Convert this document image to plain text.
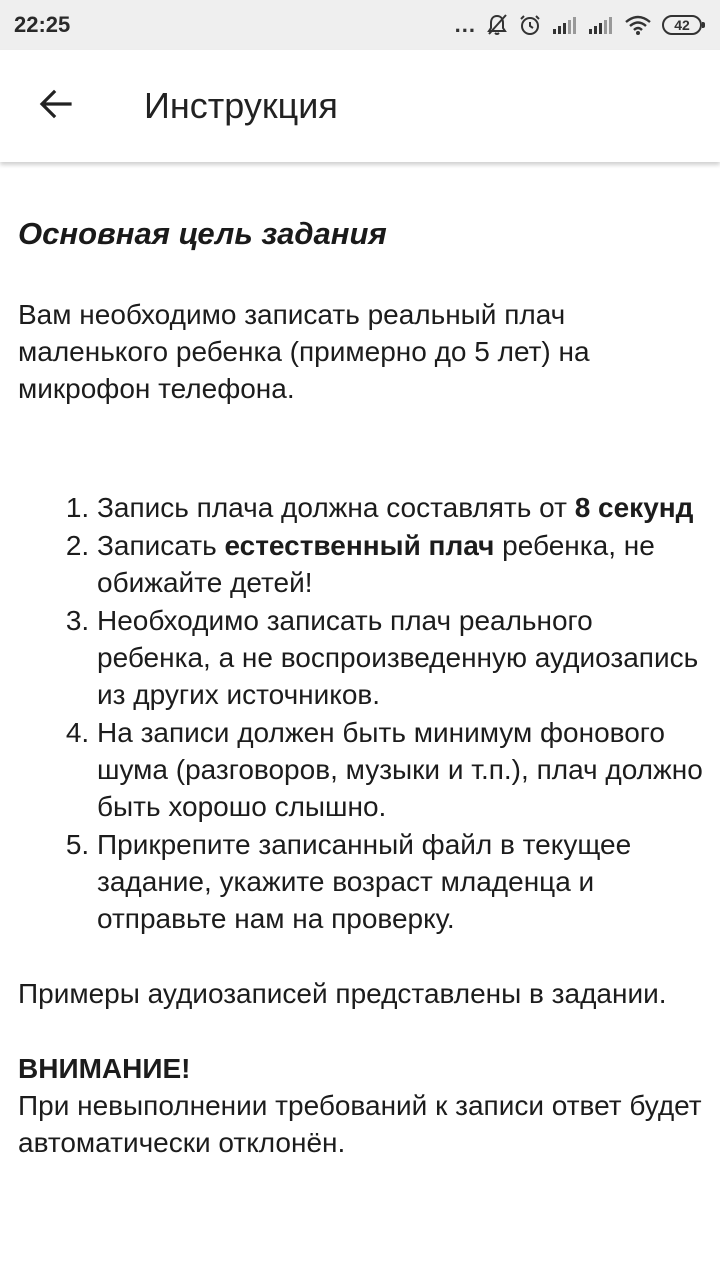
22:25	...	42
Инструкция
Основная цель задания

Вам необходимо записать реальный плач маленького ребенка (примерно до 5 лет) на микрофон телефона.

1. Запись плача должна составлять от 8 секунд
2. Записать естественный плач ребенка, не обижайте детей!
3. Необходимо записать плач реального ребенка, а не воспроизведенную аудиозапись из других источников.
4. На записи должен быть минимум фонового шума (разговоров, музыки и т.п.), плач должно быть хорошо слышно.
5. Прикрепите записанный файл в текущее задание, укажите возраст младенца и отправьте нам на проверку.

Примеры аудиозаписей представлены в задании.

ВНИМАНИЕ!

При невыполнении требований к записи ответ будет автоматически отклонён.
